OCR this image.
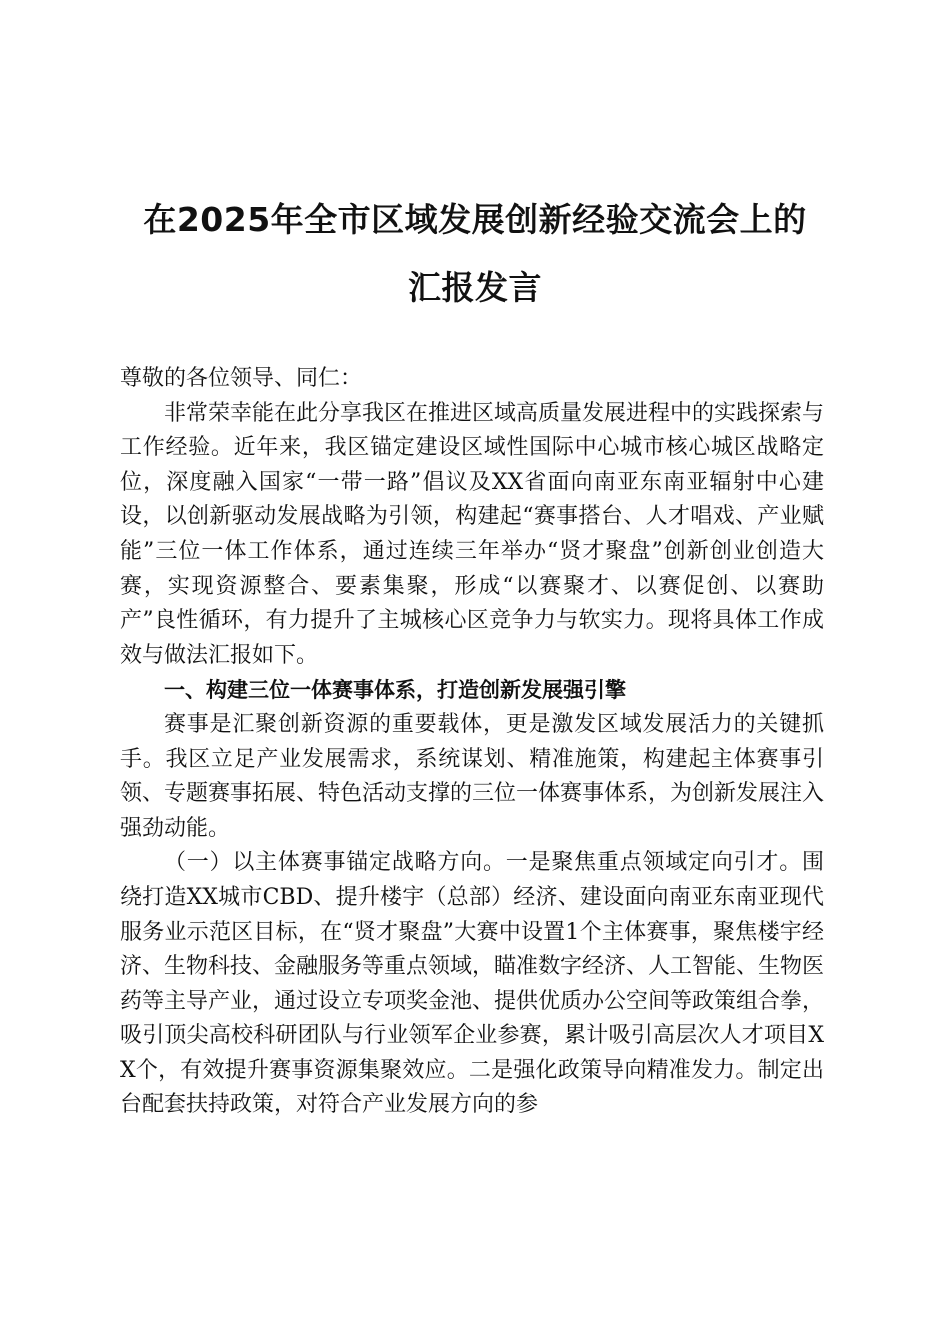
在2025年全市区域发展创新经验交流会上的
汇报发言

尊敬的各位领导、同仁：

非常荣幸能在此分享我区在推进区域高质量发展进程中的实践探索与工作经验。近年来，我区锚定建设区域性国际中心城市核心城区战略定位，深度融入国家“一带一路”倡议及XX省面向南亚东南亚辐射中心建设，以创新驱动发展战略为引领，构建起“赛事搭台、人才唱戏、产业赋能”三位一体工作体系，通过连续三年举办“贤才聚盘”创新创业创造大赛，实现资源整合、要素集聚，形成“以赛聚才、以赛促创、以赛助产”良性循环，有力提升了主城核心区竞争力与软实力。现将具体工作成效与做法汇报如下。

一、构建三位一体赛事体系，打造创新发展强引擎

赛事是汇聚创新资源的重要载体，更是激发区域发展活力的关键抓手。我区立足产业发展需求，系统谋划、精准施策，构建起主体赛事引领、专题赛事拓展、特色活动支撑的三位一体赛事体系，为创新发展注入强劲动能。

（一）以主体赛事锚定战略方向。一是聚焦重点领域定向引才。围绕打造XX城市CBD、提升楼宇（总部）经济、建设面向南亚东南亚现代服务业示范区目标，在“贤才聚盘”大赛中设置1个主体赛事，聚焦楼宇经济、生物科技、金融服务等重点领域，瞄准数字经济、人工智能、生物医药等主导产业，通过设立专项奖金池、提供优质办公空间等政策组合拳，吸引顶尖高校科研团队与行业领军企业参赛，累计吸引高层次人才项目XX个，有效提升赛事资源集聚效应。二是强化政策导向精准发力。制定出台配套扶持政策，对符合产业发展方向的参
